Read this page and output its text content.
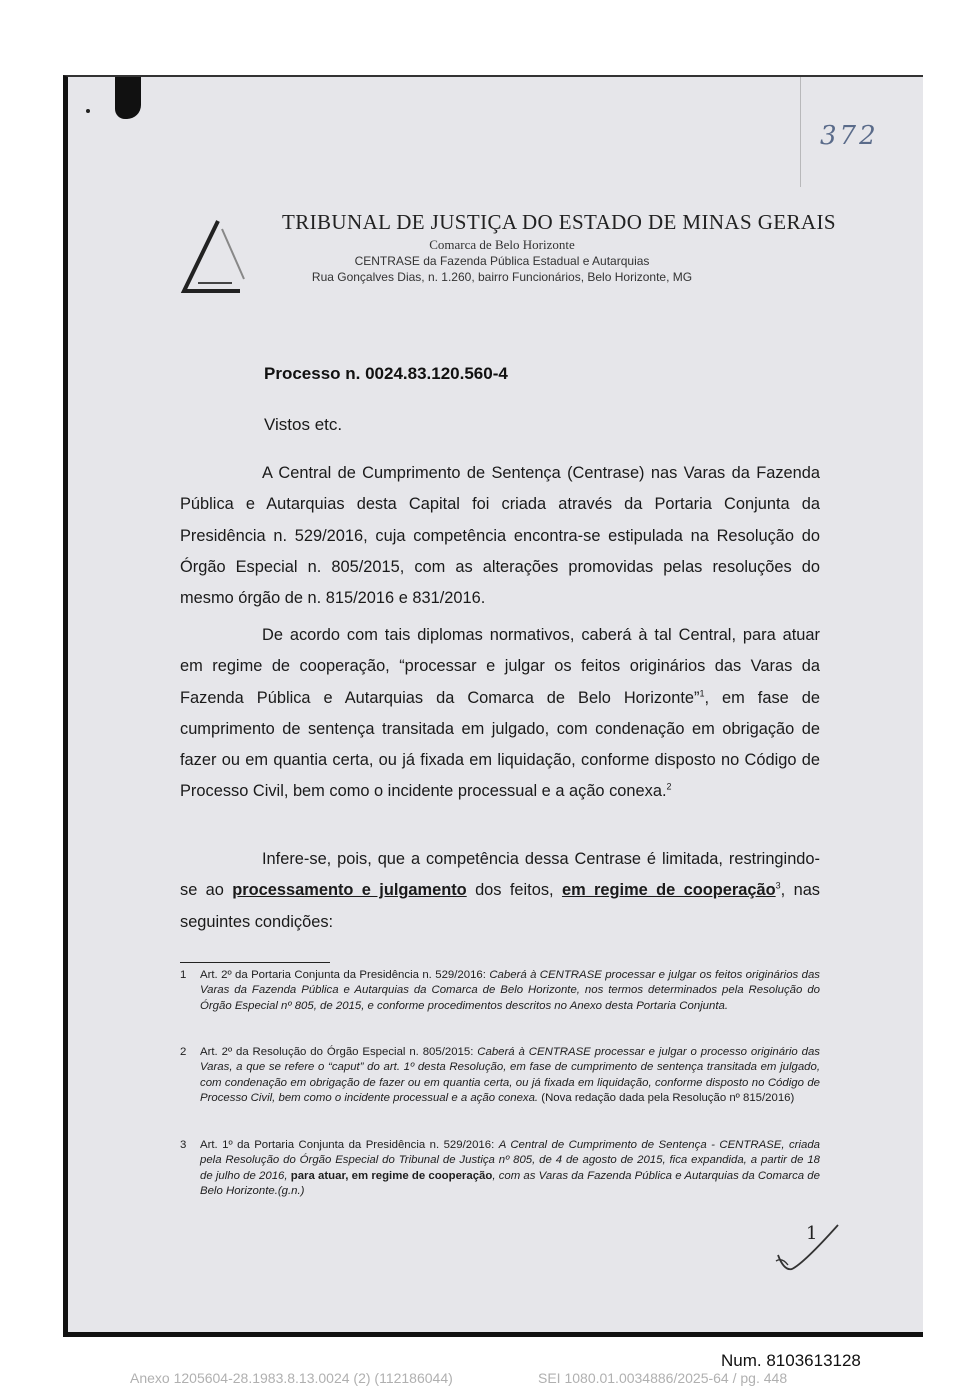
372
TRIBUNAL DE JUSTIÇA DO ESTADO DE MINAS GERAIS
Comarca de Belo Horizonte
CENTRASE da Fazenda Pública Estadual e Autarquias
Rua Gonçalves Dias, n. 1.260, bairro Funcionários, Belo Horizonte, MG
Processo n. 0024.83.120.560-4
Vistos etc.
A Central de Cumprimento de Sentença (Centrase) nas Varas da Fazenda Pública e Autarquias desta Capital foi criada através da Portaria Conjunta da Presidência n. 529/2016, cuja competência encontra-se estipulada na Resolução do Órgão Especial n. 805/2015, com as alterações promovidas pelas resoluções do mesmo órgão de n. 815/2016 e 831/2016.
De acordo com tais diplomas normativos, caberá à tal Central, para atuar em regime de cooperação, “processar e julgar os feitos originários das Varas da Fazenda Pública e Autarquias da Comarca de Belo Horizonte”$^1$, em fase de cumprimento de sentença transitada em julgado, com condenação em obrigação de fazer ou em quantia certa, ou já fixada em liquidação, conforme disposto no Código de Processo Civil, bem como o incidente processual e a ação conexa.$^2$
Infere-se, pois, que a competência dessa Centrase é limitada, restringindo-se ao processamento e julgamento dos feitos, em regime de cooperação$^3$, nas seguintes condições:
1 Art. 2º da Portaria Conjunta da Presidência n. 529/2016: Caberá à CENTRASE processar e julgar os feitos originários das Varas da Fazenda Pública e Autarquias da Comarca de Belo Horizonte, nos termos determinados pela Resolução do Órgão Especial nº 805, de 2015, e conforme procedimentos descritos no Anexo desta Portaria Conjunta.
2 Art. 2º da Resolução do Órgão Especial n. 805/2015: Caberá à CENTRASE processar e julgar o processo originário das Varas, a que se refere o “caput” do art. 1º desta Resolução, em fase de cumprimento de sentença transitada em julgado, com condenação em obrigação de fazer ou em quantia certa, ou já fixada em liquidação, conforme disposto no Código de Processo Civil, bem como o incidente processual e a ação conexa. (Nova redação dada pela Resolução nº 815/2016)
3 Art. 1º da Portaria Conjunta da Presidência n. 529/2016: A Central de Cumprimento de Sentença - CENTRASE, criada pela Resolução do Órgão Especial do Tribunal de Justiça nº 805, de 4 de agosto de 2015, fica expandida, a partir de 18 de julho de 2016, para atuar, em regime de cooperação, com as Varas da Fazenda Pública e Autarquias da Comarca de Belo Horizonte.(g.n.)
1
Num. 8103613128
Anexo 1205604-28.1983.8.13.0024 (2) (112186044)	SEI 1080.01.0034886/2025-64 / pg. 448
